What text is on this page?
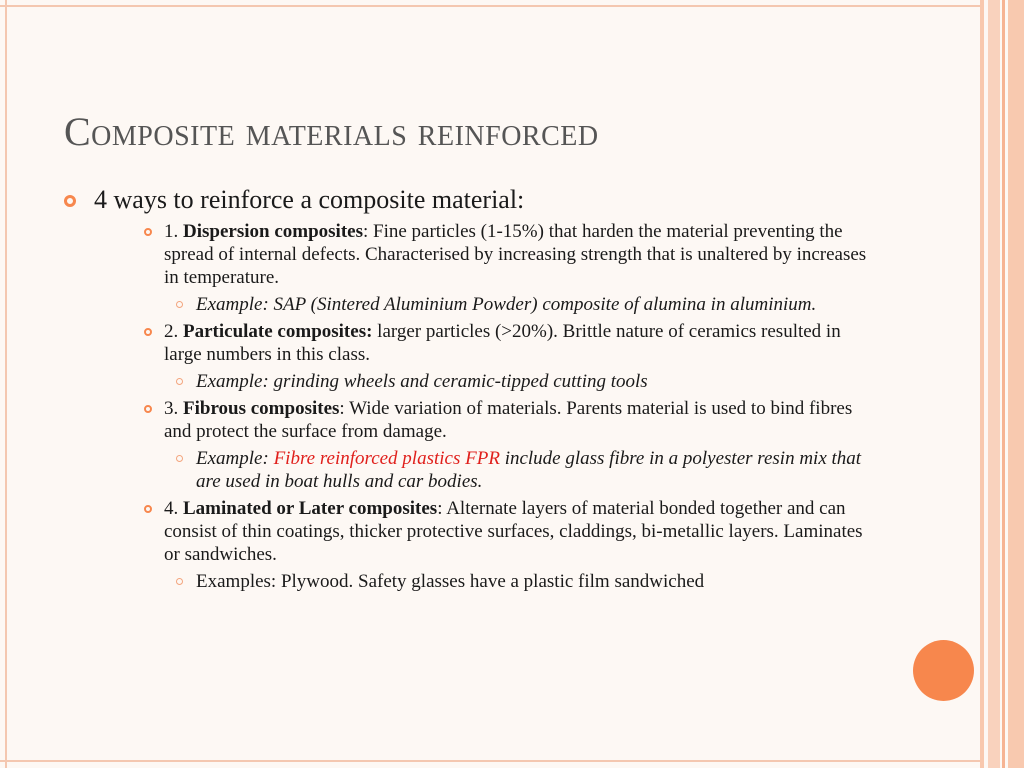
Composite materials reinforced
4 ways to reinforce a composite material:
1. Dispersion composites: Fine particles (1-15%) that harden the material preventing the spread of internal defects. Characterised by increasing strength that is unaltered by increases in temperature.
Example: SAP (Sintered Aluminium Powder) composite of alumina in aluminium.
2. Particulate composites: larger particles (>20%). Brittle nature of ceramics resulted in large numbers in this class.
Example: grinding wheels and ceramic-tipped cutting tools
3. Fibrous composites: Wide variation of materials. Parents material is used to bind fibres and protect the surface from damage.
Example: Fibre reinforced plastics FPR include glass fibre in a polyester resin mix that are used in boat hulls and car bodies.
4. Laminated or Later composites: Alternate layers of material bonded together and can consist of thin coatings, thicker protective surfaces, claddings, bi-metallic layers. Laminates or sandwiches.
Examples: Plywood. Safety glasses have a plastic film sandwiched
